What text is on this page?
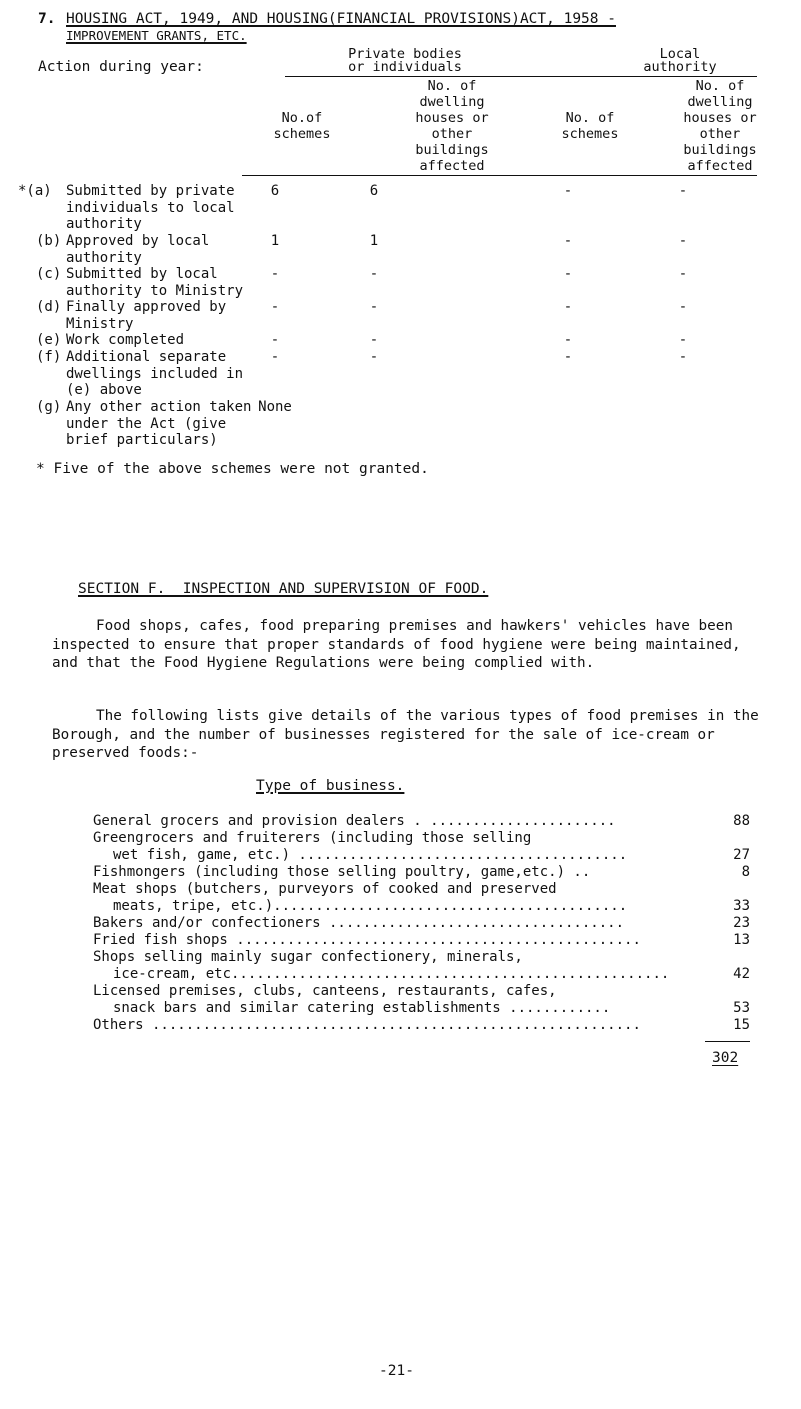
7. HOUSING ACT, 1949, AND HOUSING(FINANCIAL PROVISIONS)ACT, 1958 -
IMPROVEMENT GRANTS, ETC.
Action during year:
Private bodies
or individuals
Local
authority
No.of
schemes
No. of
dwelling
houses or
other
buildings
affected
No. of
schemes
No. of
dwelling
houses or
other
buildings
affected
*(a) Submitted by private
individuals to local
authority
6	6	-	-
(b) Approved by local
authority
1	1	-	-
(c) Submitted by local
authority to Ministry
-	-	-	-
(d) Finally approved by
Ministry
-	-	-	-
(e) Work completed	-	-	-	-
(f) Additional separate
dwellings included in
(e) above
-	-	-	-
(g) Any other action taken
under the Act (give
brief particulars)
None
* Five of the above schemes were not granted.
SECTION F.  INSPECTION AND SUPERVISION OF FOOD.
Food shops, cafes, food preparing premises and hawkers' vehicles have been inspected to ensure that proper standards of food hygiene were being maintained, and that the Food Hygiene Regulations were being complied with.
The following lists give details of the various types of food premises in the Borough, and the number of businesses registered for the sale of ice-cream or preserved foods:-
Type of business.
General grocers and provision dealers . ......................	88
Greengrocers and fruiterers (including those selling
wet fish, game, etc.) .......................................	27
Fishmongers (including those selling poultry, game,etc.) ..	8
Meat shops (butchers, purveyors of cooked and preserved
meats, tripe, etc.)..........................................	33
Bakers and/or confectioners ...................................	23
Fried fish shops ................................................	13
Shops selling mainly sugar confectionery, minerals,
ice-cream, etc....................................................	42
Licensed premises, clubs, canteens, restaurants, cafes,
snack bars and similar catering establishments ............	53
Others ..........................................................	15
302
-21-
